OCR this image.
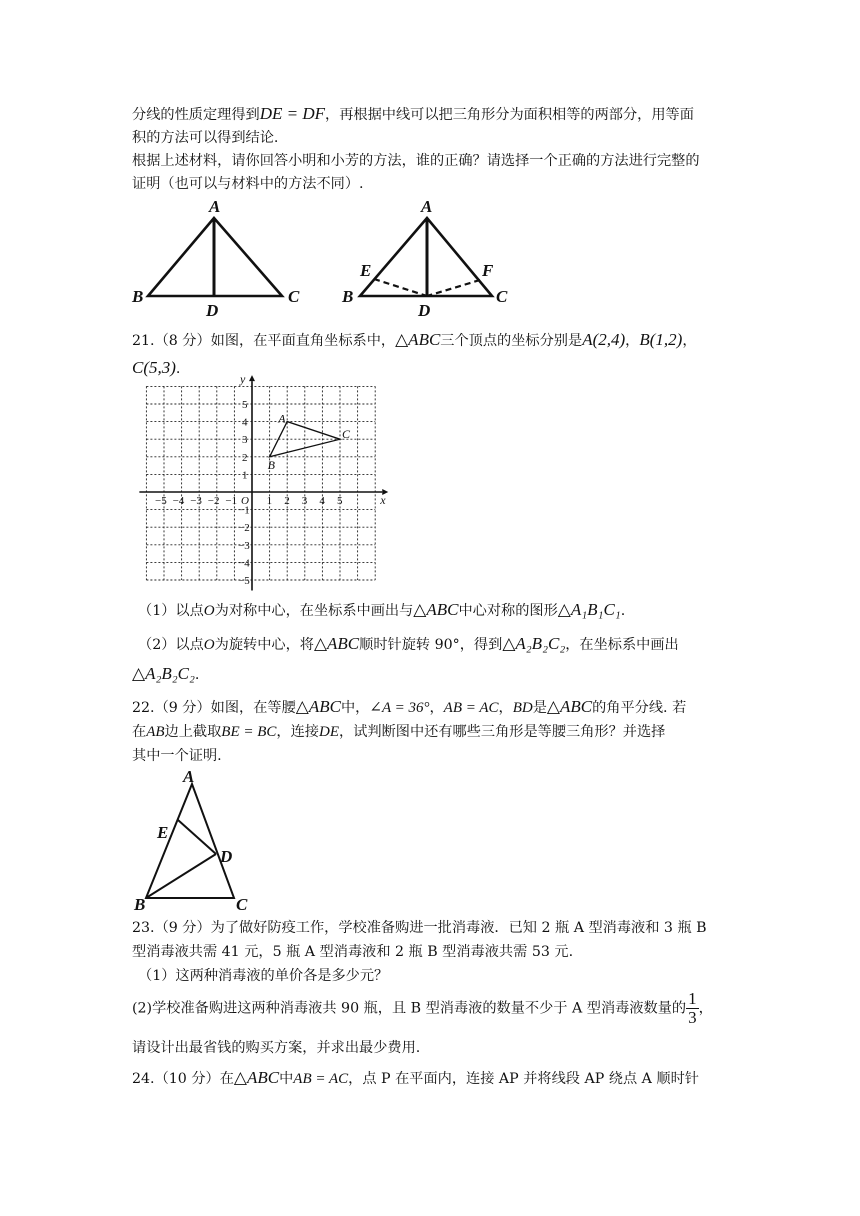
分线的性质定理得到DE = DF，再根据中线可以把三角形分为面积相等的两部分，用等面
积的方法可以得到结论.
根据上述材料，请你回答小明和小芳的方法，谁的正确？请选择一个正确的方法进行完整的
证明（也可以与材料中的方法不同）.
A
B	C
D
A
B	C
D
E	F
21.（8 分）如图，在平面直角坐标系中，△ABC三个顶点的坐标分别是A(2,4)，B(1,2)，
C(5,3).
x
y
O
−5 −4 −3 −2 −1	1 2 3 4 5
5
4
3
2
1
−1
−2
−3
−4
−5
A
B
C
（1）以点O为对称中心，在坐标系中画出与△ABC中心对称的图形△A₁B₁C₁.
（2）以点O为旋转中心，将△ABC顺时针旋转 90°，得到△A₂B₂C₂，在坐标系中画出
△A₂B₂C₂.
22.（9 分）如图，在等腰△ABC中，∠A = 36°，AB = AC，BD是△ABC的角平分线. 若
在AB边上截取BE = BC，连接DE，试判断图中还有哪些三角形是等腰三角形？并选择
其中一个证明.
A
B	C
D
E
23.（9 分）为了做好防疫工作，学校准备购进一批消毒液．已知 2 瓶 A 型消毒液和 3 瓶 B
型消毒液共需 41 元，5 瓶 A 型消毒液和 2 瓶 B 型消毒液共需 53 元.
（1）这两种消毒液的单价各是多少元？
(2)学校准备购进这两种消毒液共 90 瓶，且 B 型消毒液的数量不少于 A 型消毒液数量的 $\frac{1}{3}$ ，
请设计出最省钱的购买方案，并求出最少费用.
24.（10 分）在△ABC中AB = AC，点 P 在平面内，连接 AP 并将线段 AP 绕点 A 顺时针
